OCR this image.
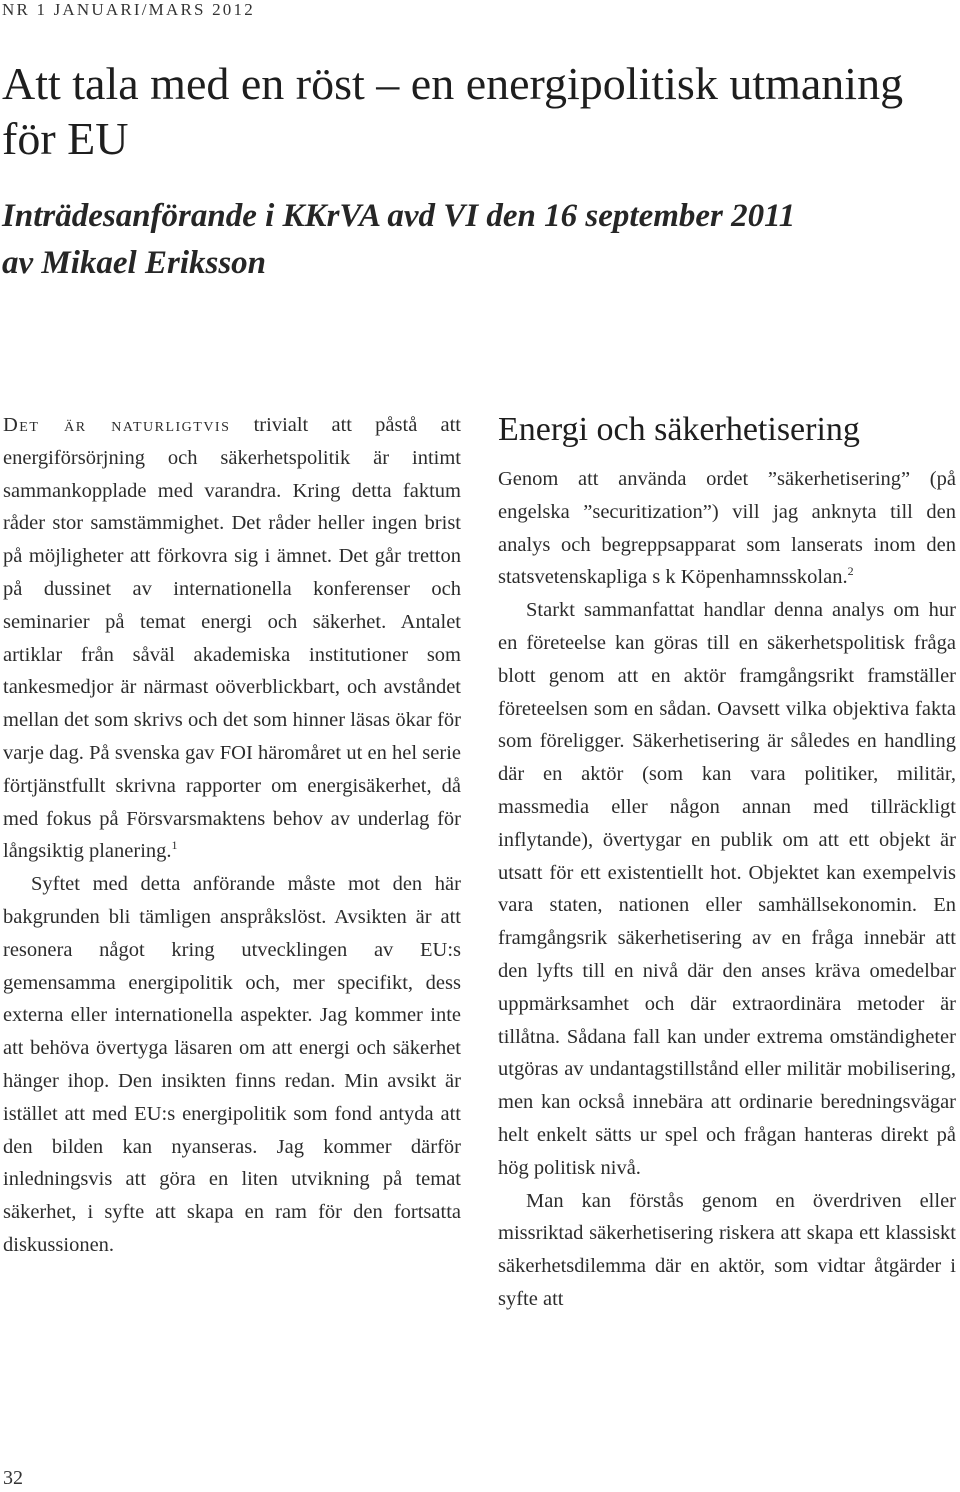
NR 1 JANUARI/MARS 2012
Att tala med en röst – en energipolitisk utmaning för EU
Inträdesanförande i KKrVA avd VI den 16 september 2011
av Mikael Eriksson

Det är naturligtvis trivialt att påstå att energiförsörjning och säkerhetspolitik är intimt sammankopplade med varandra. Kring detta faktum råder stor samstämmighet. Det råder heller ingen brist på möjligheter att förkovra sig i ämnet. Det går tretton på dussinet av internationella konferenser och seminarier på temat energi och säkerhet. Antalet artiklar från såväl akademiska institutioner som tankesmedjor är närmast oöverblickbart, och avståndet mellan det som skrivs och det som hinner läsas ökar för varje dag. På svenska gav FOI häromåret ut en hel serie förtjänstfullt skrivna rapporter om energisäkerhet, då med fokus på Försvarsmaktens behov av underlag för långsiktig planering.$^1$

Syftet med detta anförande måste mot den här bakgrunden bli tämligen anspråkslöst. Avsikten är att resonera något kring utvecklingen av EU:s gemensamma energipolitik och, mer specifikt, dess externa eller internationella aspekter. Jag kommer inte att behöva övertyga läsaren om att energi och säkerhet hänger ihop. Den insikten finns redan. Min avsikt är istället att med EU:s energipolitik som fond antyda att den bilden kan nyanseras. Jag kommer därför inledningsvis att göra en liten utvikning på temat säkerhet, i syfte att skapa en ram för den fortsatta diskussionen.

Energi och säkerhetisering

Genom att använda ordet ”säkerhetisering” (på engelska ”securitization”) vill jag anknyta till den analys och begreppsapparat som lanserats inom den statsvetenskapliga s k Köpenhamnsskolan.$^2$

Starkt sammanfattat handlar denna analys om hur en företeelse kan göras till en säkerhetspolitisk fråga blott genom att en aktör framgångsrikt framställer företeelsen som en sådan. Oavsett vilka objektiva fakta som föreligger. Säkerhetisering är således en handling där en aktör (som kan vara politiker, militär, massmedia eller någon annan med tillräckligt inflytande), övertygar en publik om att ett objekt är utsatt för ett existentiellt hot. Objektet kan exempelvis vara staten, nationen eller samhällsekonomin. En framgångsrik säkerhetisering av en fråga innebär att den lyfts till en nivå där den anses kräva omedelbar uppmärksamhet och där extraordinära metoder är tillåtna. Sådana fall kan under extrema omständigheter utgöras av undantagstillstånd eller militär mobilisering, men kan också innebära att ordinarie beredningsvägar helt enkelt sätts ur spel och frågan hanteras direkt på hög politisk nivå.

Man kan förstås genom en överdriven eller missriktad säkerhetisering riskera att skapa ett klassiskt säkerhetsdilemma där en aktör, som vidtar åtgärder i syfte att

32
